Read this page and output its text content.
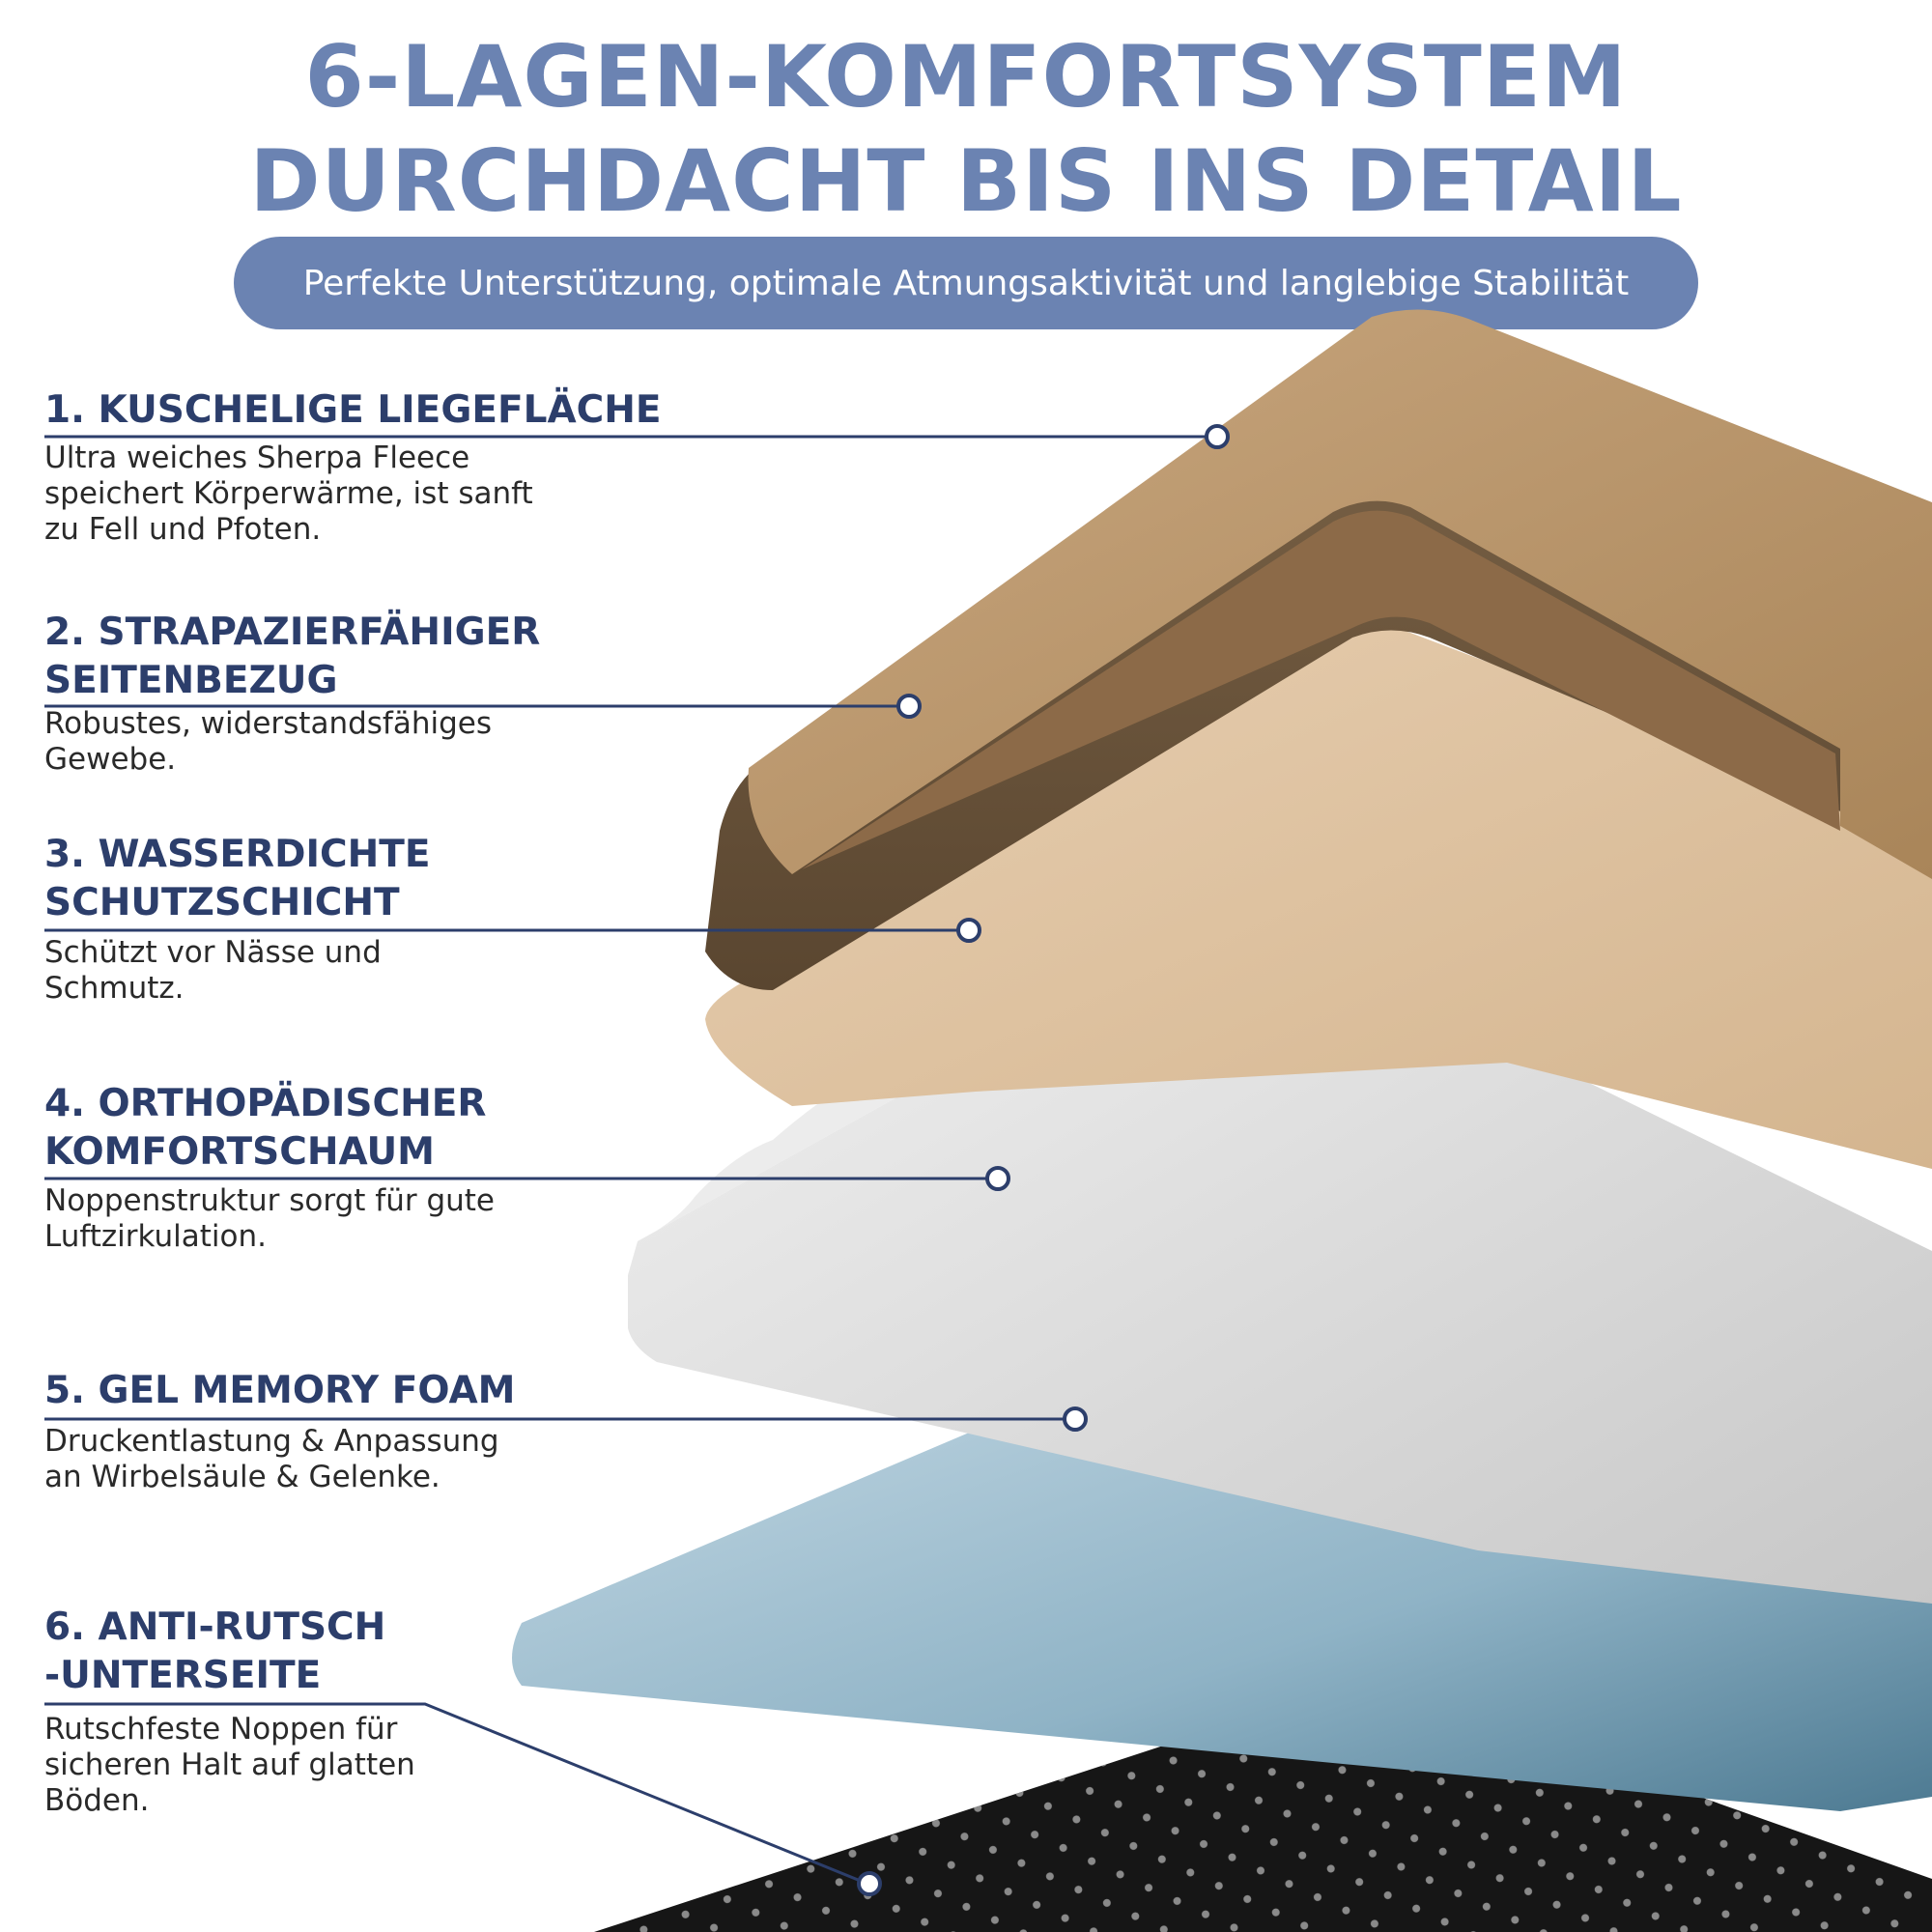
6-LAGEN-KOMFORTSYSTEM
DURCHDACHT BIS INS DETAIL
Perfekte Unterstützung, optimale Atmungsaktivität und langlebige Stabilität
1. KUSCHELIGE LIEGEFLÄCHE
Ultra weiches Sherpa Fleece
speichert Körperwärme, ist sanft
zu Fell und Pfoten.
2. STRAPAZIERFÄHIGER
SEITENBEZUG
Robustes, widerstandsfähiges
Gewebe.
3. WASSERDICHTE
SCHUTZSCHICHT
Schützt vor Nässe und
Schmutz.
4. ORTHOPÄDISCHER
KOMFORTSCHAUM
Noppenstruktur sorgt für gute
Luftzirkulation.
5. GEL MEMORY FOAM
Druckentlastung & Anpassung
an Wirbelsäule & Gelenke.
6. ANTI-RUTSCH
-UNTERSEITE
Rutschfeste Noppen für
sicheren Halt auf glatten
Böden.
